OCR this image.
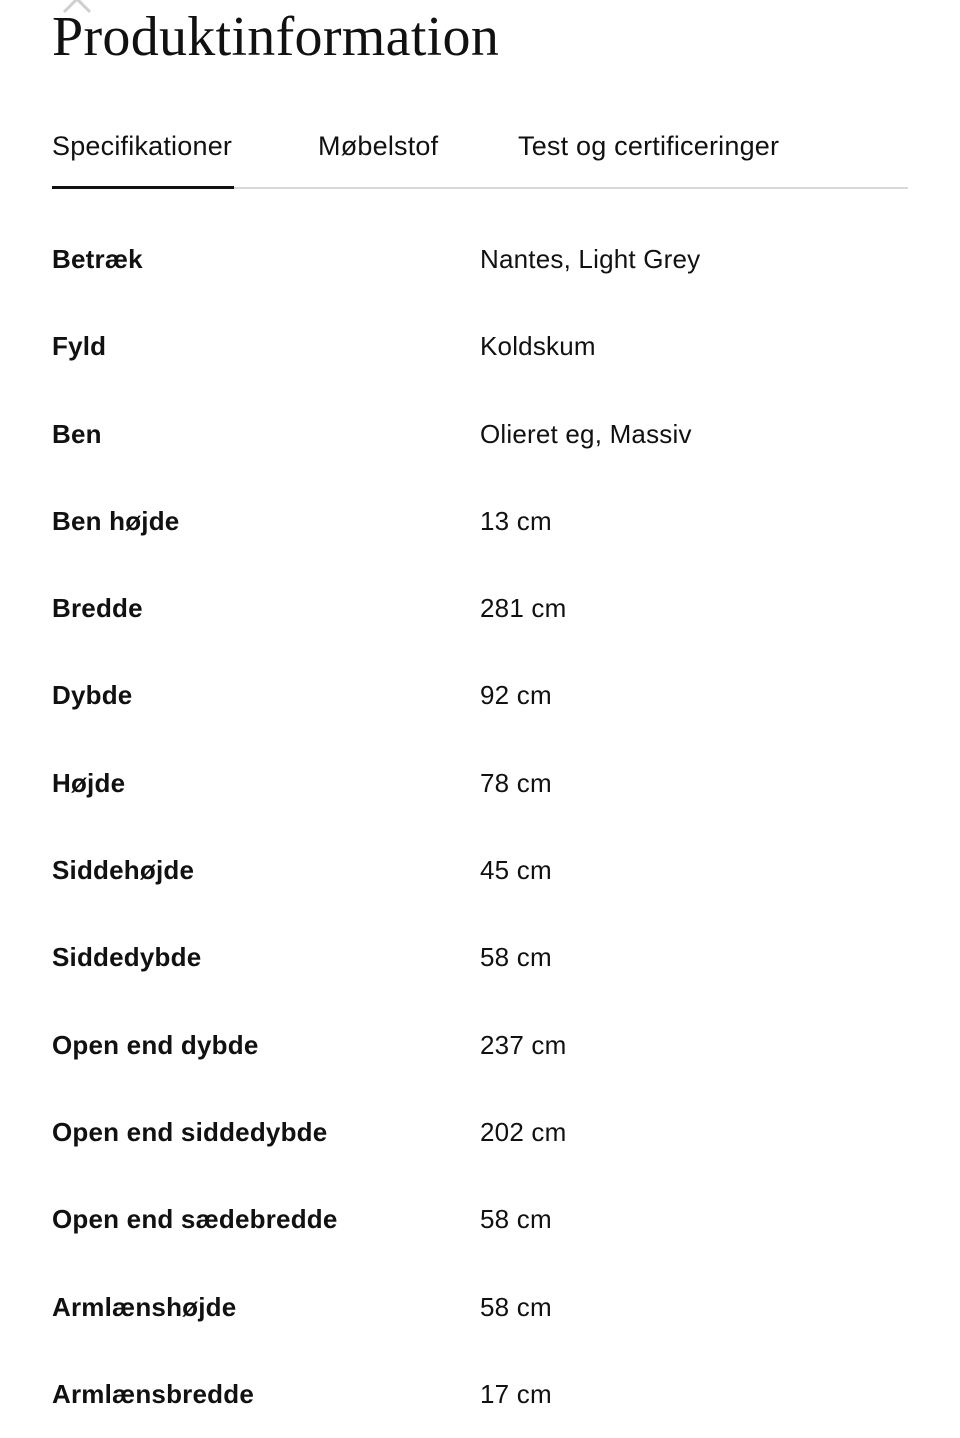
Produktinformation
Specifikationer	Møbelstof	Test og certificeringer
Betræk	Nantes, Light Grey
Fyld	Koldskum
Ben	Olieret eg, Massiv
Ben højde	13 cm
Bredde	281 cm
Dybde	92 cm
Højde	78 cm
Siddehøjde	45 cm
Siddedybde	58 cm
Open end dybde	237 cm
Open end siddedybde	202 cm
Open end sædebredde	58 cm
Armlænshøjde	58 cm
Armlænsbredde	17 cm
